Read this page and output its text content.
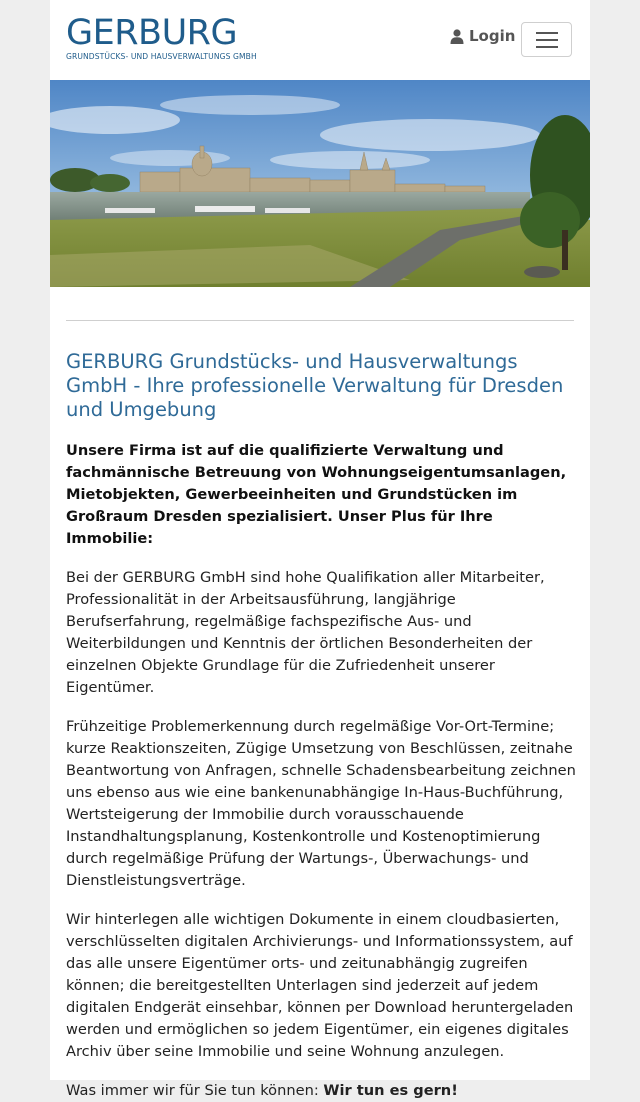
GERBURG
GRUNDSTÜCKS- UND HAUSVERWALTUNGS GMBH
Login
GERBURG Grundstücks- und Hausverwaltungs GmbH - Ihre professionelle Verwaltung für Dresden und Umgebung

Unsere Firma ist auf die qualifizierte Verwaltung und fachmännische Betreuung von Wohnungseigentumsanlagen, Mietobjekten, Gewerbeeinheiten und Grundstücken im Großraum Dresden spezialisiert. Unser Plus für Ihre Immobilie:

Bei der GERBURG GmbH sind hohe Qualifikation aller Mitarbeiter, Professionalität in der Arbeitsausführung, langjährige Berufserfahrung, regelmäßige fachspezifische Aus- und Weiterbildungen und Kenntnis der örtlichen Besonderheiten der einzelnen Objekte Grundlage für die Zufriedenheit unserer Eigentümer.

Frühzeitige Problemerkennung durch regelmäßige Vor-Ort-Termine; kurze Reaktionszeiten, Zügige Umsetzung von Beschlüssen, zeitnahe Beantwortung von Anfragen, schnelle Schadensbearbeitung zeichnen uns ebenso aus wie eine bankenunabhängige In-Haus-Buchführung, Wertsteigerung der Immobilie durch vorausschauende Instandhaltungsplanung, Kostenkontrolle und Kostenoptimierung durch regelmäßige Prüfung der Wartungs-, Überwachungs- und Dienstleistungsverträge.

Wir hinterlegen alle wichtigen Dokumente in einem cloudbasierten, verschlüsselten digitalen Archivierungs- und Informationssystem, auf das alle unsere Eigentümer orts- und zeitunabhängig zugreifen können; die bereitgestellten Unterlagen sind jederzeit auf jedem digitalen Endgerät einsehbar, können per Download heruntergeladen werden und ermöglichen so jedem Eigentümer, ein eigenes digitales Archiv über seine Immobilie und seine Wohnung anzulegen.

Was immer wir für Sie tun können: Wir tun es gern!
